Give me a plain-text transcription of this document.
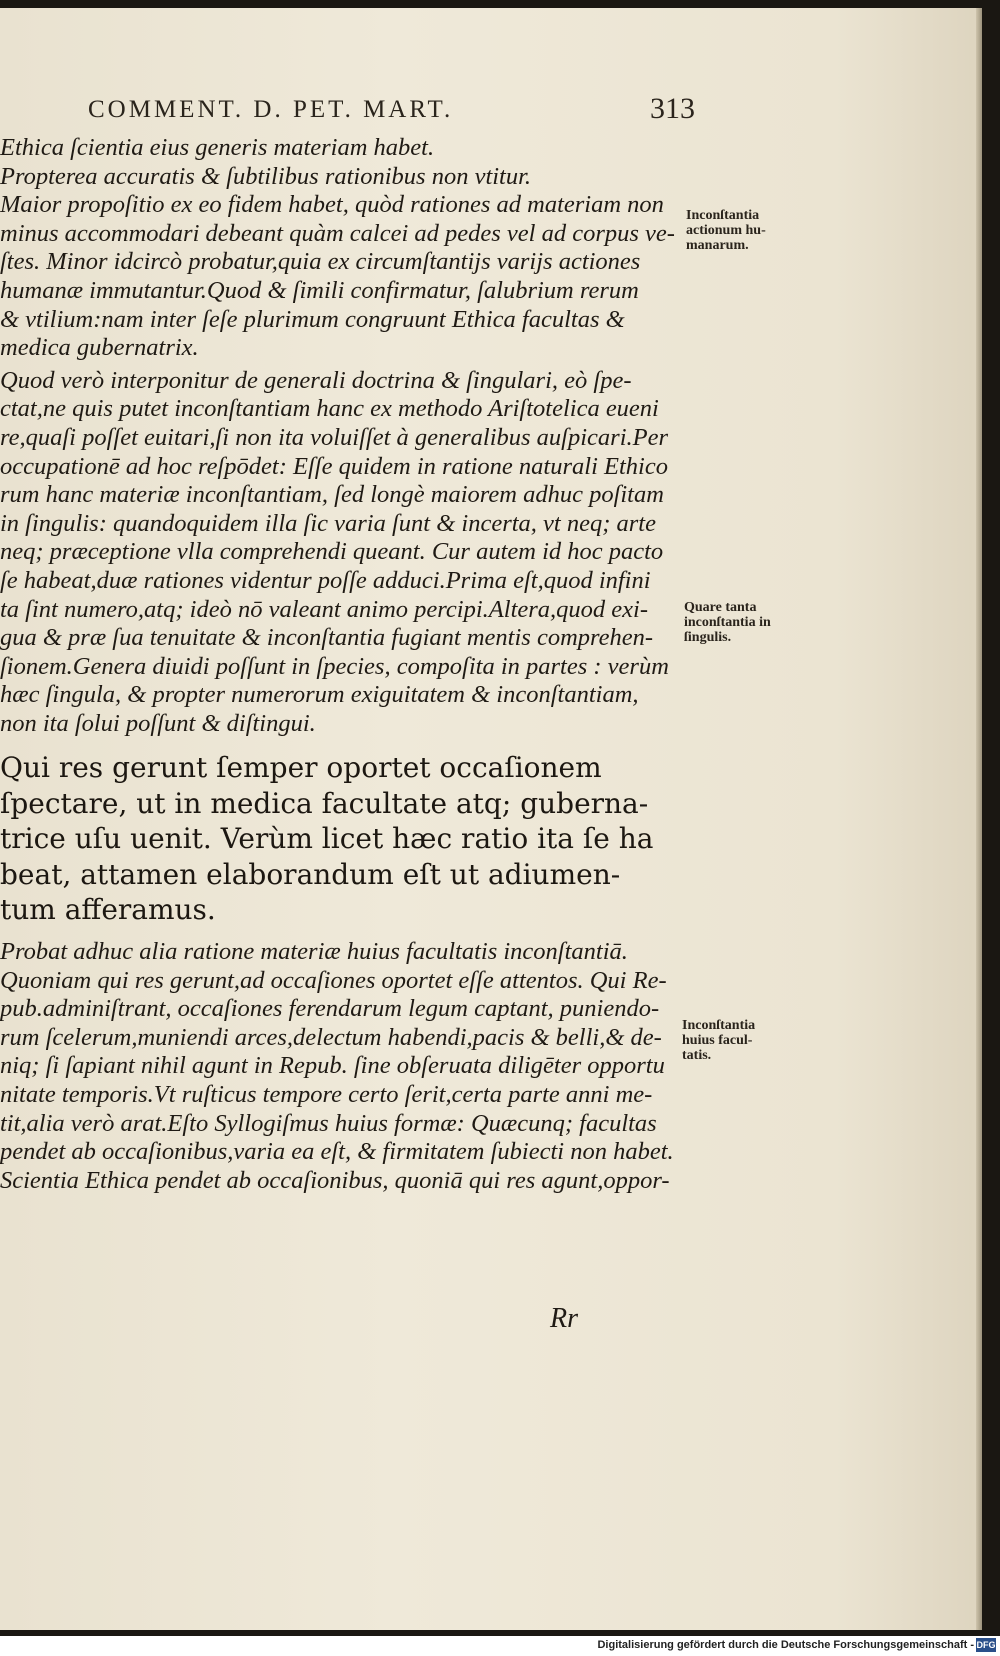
COMMENT. D. PET. MART.	313
Ethica ſcientia eius generis materiam habet.
Propterea accuratis & ſubtilibus rationibus non vtitur.
Maior propoſitio ex eo fidem habet, quòd rationes ad materiam non
minus accommodari debeant quàm calcei ad pedes vel ad corpus ve-
ſtes. Minor idcircò probatur,quia ex circumſtantijs varijs actiones
humanæ immutantur.Quod & ſimili confirmatur, ſalubrium rerum
& vtilium:nam inter ſeſe plurimum congruunt Ethica facultas &
medica gubernatrix.
Quod verò interponitur de generali doctrina & ſingulari, eò ſpe-
ctat,ne quis putet inconſtantiam hanc ex methodo Ariſtotelica eueni
re,quaſi poſſet euitari,ſi non ita voluiſſet à generalibus auſpicari.Per
occupationē ad hoc reſpōdet: Eſſe quidem in ratione naturali Ethico
rum hanc materiæ inconſtantiam, ſed longè maiorem adhuc poſitam
in ſingulis: quandoquidem illa ſic varia ſunt & incerta, vt neq; arte
neq; præceptione vlla comprehendi queant. Cur autem id hoc pacto
ſe habeat,duæ rationes videntur poſſe adduci.Prima eſt,quod infini
ta ſint numero,atq; ideò nō valeant animo percipi.Altera,quod exi-
gua & præ ſua tenuitate & inconſtantia fugiant mentis comprehen-
ſionem.Genera diuidi poſſunt in ſpecies, compoſita in partes : verùm
hæc ſingula, & propter numerorum exiguitatem & inconſtantiam,
non ita ſolui poſſunt & diſtingui.
Qui res gerunt ſemper oportet occaſionem
ſpectare, ut in medica facultate atq; guberna-
trice uſu uenit. Verùm licet hæc ratio ita ſe ha
beat, attamen elaborandum eſt ut adiumen-
tum afferamus.
Probat adhuc alia ratione materiæ huius facultatis inconſtantiā.
Quoniam qui res gerunt,ad occaſiones oportet eſſe attentos. Qui Re-
pub.adminiſtrant, occaſiones ferendarum legum captant, puniendo-
rum ſcelerum,muniendi arces,delectum habendi,pacis & belli,& de-
niq; ſi ſapiant nihil agunt in Repub. ſine obſeruata diligēter opportu
nitate temporis.Vt ruſticus tempore certo ſerit,certa parte anni me-
tit,alia verò arat.Eſto Syllogiſmus huius formæ: Quæcunq; facultas
pendet ab occaſionibus,varia ea eſt, & firmitatem ſubiecti non habet.
Scientia Ethica pendet ab occaſionibus, quoniā qui res agunt,oppor-
Inconſtantia
actionum hu-
manarum.
Quare tanta
inconſtantia in
ſingulis.
Inconſtantia
huius facul-
tatis.
Rr
Digitalisierung gefördert durch die Deutsche Forschungsgemeinschaft - DFG
